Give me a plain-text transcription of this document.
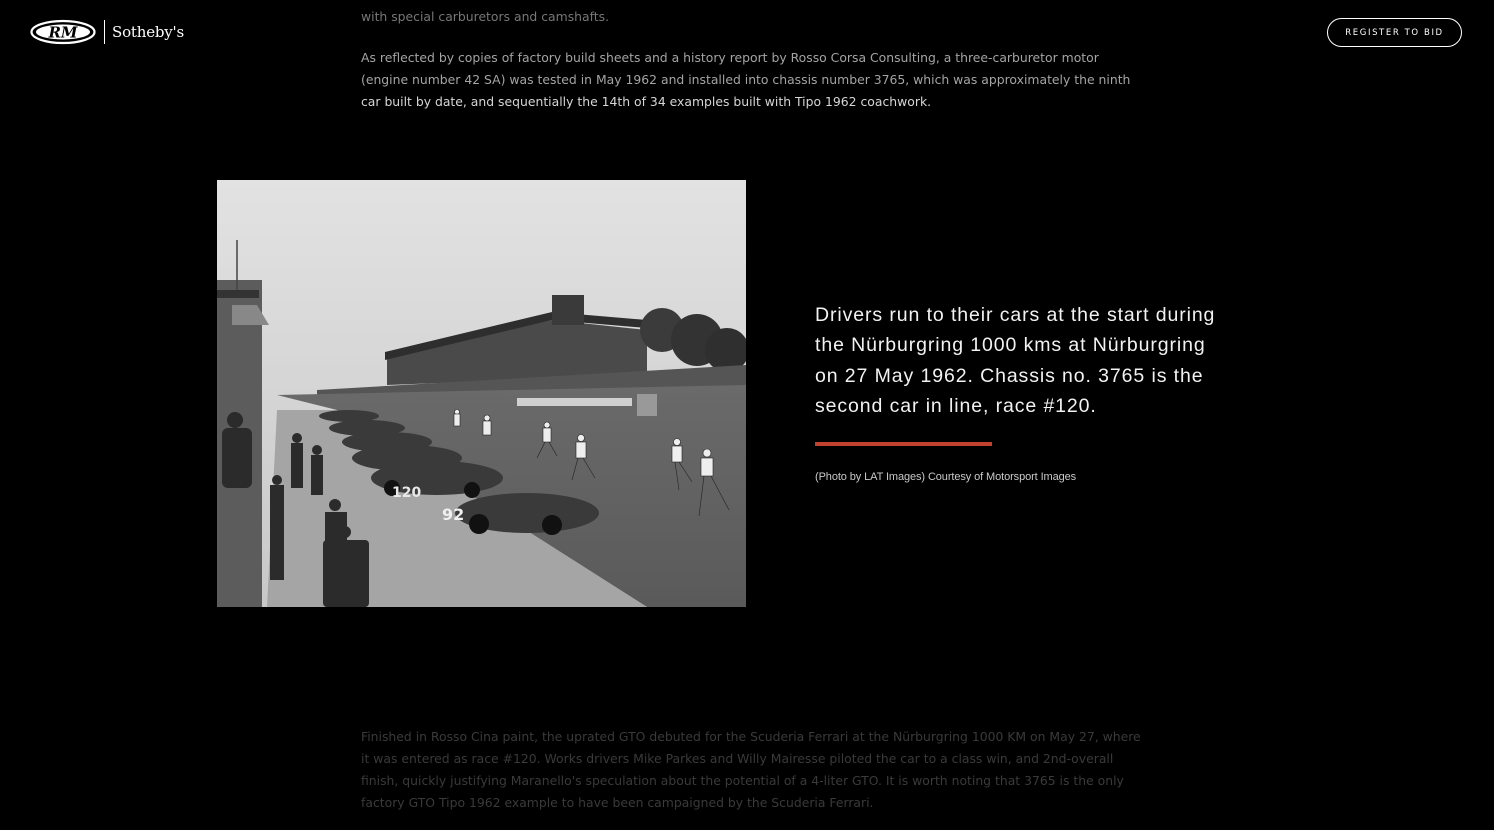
RM Sotheby's	REGISTER TO BID

with special carburetors and camshafts.

As reflected by copies of factory build sheets and a history report by Rosso Corsa Consulting, a three-carburetor motor (engine number 42 SA) was tested in May 1962 and installed into chassis number 3765, which was approximately the ninth car built by date, and sequentially the 14th of 34 examples built with Tipo 1962 coachwork.

120
92

Drivers run to their cars at the start during the Nürburgring 1000 kms at Nürburgring on 27 May 1962. Chassis no. 3765 is the second car in line, race #120.

(Photo by LAT Images) Courtesy of Motorsport Images

Finished in Rosso Cina paint, the uprated GTO debuted for the Scuderia Ferrari at the Nürburgring 1000 KM on May 27, where it was entered as race #120. Works drivers Mike Parkes and Willy Mairesse piloted the car to a class win, and 2nd-overall finish, quickly justifying Maranello's speculation about the potential of a 4-liter GTO. It is worth noting that 3765 is the only factory GTO Tipo 1962 example to have been campaigned by the Scuderia Ferrari.
